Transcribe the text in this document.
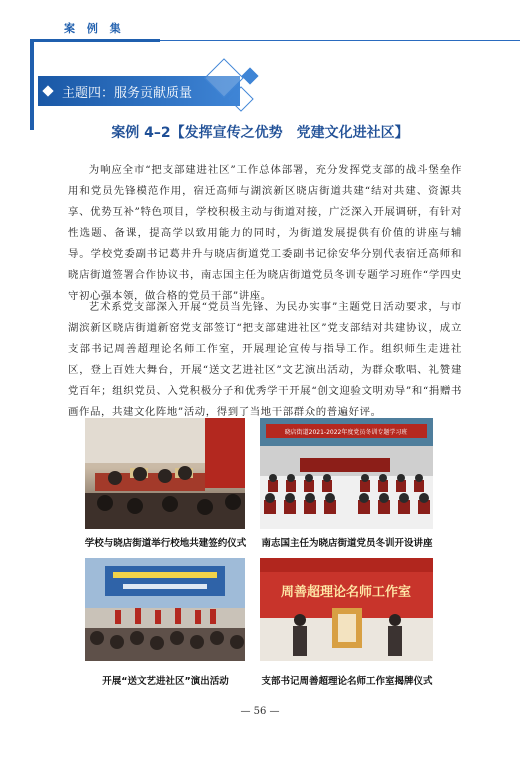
案 例 集
主题四：服务贡献质量
案例 4–2【发挥宣传之优势　党建文化进社区】

为响应全市“把支部建进社区”工作总体部署，充分发挥党支部的战斗堡垒作用和党员先锋模范作用，宿迁高师与湖滨新区晓店街道共建“结对共建、资源共享、优势互补”特色项目，学校积极主动与街道对接，广泛深入开展调研，有针对性选题、备课，提高学以致用能力的同时，为街道发展提供有价值的讲座与辅导。学校党委副书记葛井升与晓店街道党工委副书记徐安华分别代表宿迁高师和晓店街道签署合作协议书，南志国主任为晓店街道党员冬训专题学习班作“学四史守初心强本领，做合格的党员干部”讲座。

艺术系党支部深入开展“党员当先锋、为民办实事”主题党日活动要求，与市湖滨新区晓店街道新窑党支部签订“把支部建进社区”党支部结对共建协议，成立支部书记周善超理论名师工作室，开展理论宣传与指导工作。组织师生走进社区，登上百姓大舞台，开展“送文艺进社区”文艺演出活动，为群众歌唱、礼赞建党百年；组织党员、入党积极分子和优秀学干开展“创文迎验文明劝导”和“捐赠书画作品，共建文化阵地”活动，得到了当地干部群众的普遍好评。

晓店街道2021-2022年度党员冬训专题学习班
学校与晓店街道举行校地共建签约仪式	南志国主任为晓店街道党员冬训开设讲座
周善超理论名师工作室
开展“送文艺进社区”演出活动	支部书记周善超理论名师工作室揭牌仪式
— 56 —
